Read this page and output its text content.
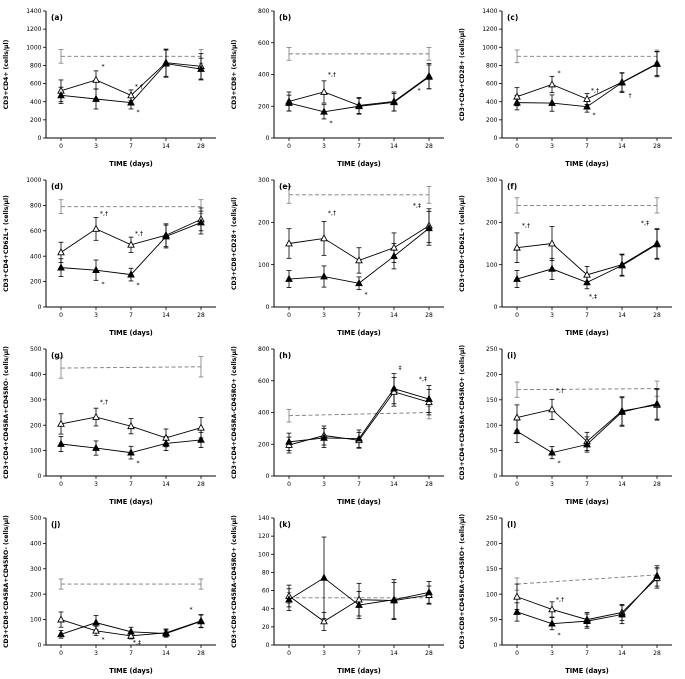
0
200
400
600
800
1000
1200
1400
0	3	7	14	28
*
*,†
*
(a)
CD3+CD4+ (cells/μl)
TIME (days)
0
200
400
600
800
0	3	7	14	28
*,†
*
*
(b)
CD3+CD8+ (cells/μl)
TIME (days)
0
200
400
600
800
1000
1200
1400
0	3	7	14	28
*
*,†
*
†
(c)
CD3+CD4+CD28+ (cells/μl)
TIME (days)
0
200
400
600
800
1000
0	3	7	14	28
*,†
*,†
*	*
(d)
CD3+CD4+CD62L+ (cells/μl)
TIME (days)
0
100
200
300
0	3	7	14	28
*,†
*
*,‡
(e)
CD3+CD8+CD28+ (cells/μl)
TIME (days)
0
100
200
300
0	3	7	14	28
*,†
*,‡
*,‡
(f)
CD3+CD8+CD62L+ (cells/μl)
TIME (days)
0
100
200
300
400
500
0	3	7	14	28
*,†
*
(g)
CD3+CD4+CD45RA+CD45RO- (cells/μl)
TIME (days)
0
200
400
600
800
0	3	7	14	28
‡
*,‡
(h)
CD3+CD4+CD45RA-CD45RO+ (cells/μl)
TIME (days)
0
50
100
150
200
250
0	3	7	14	28
*,†
*
(i)
CD3+CD4+CD45RA+CD45RO+ (cells/μl)
TIME (days)
0
100
200
300
400
500
0	3	7	14	28
*	*,‡
*
(j)
CD3+CD8+CD45RA+CD45RO- (cells/μl)
TIME (days)
0
20
40
60
80
100
120
140
0	3	7	14	28
(k)
CD3+CD8+CD45RA-CD45RO+ (cells/μl)
TIME (days)
0
50
100
150
200
250
0	3	7	14	28
*,†
*
(l)
CD3+CD8+CD45RA+CD45RO+ (cells/μl)
TIME (days)
